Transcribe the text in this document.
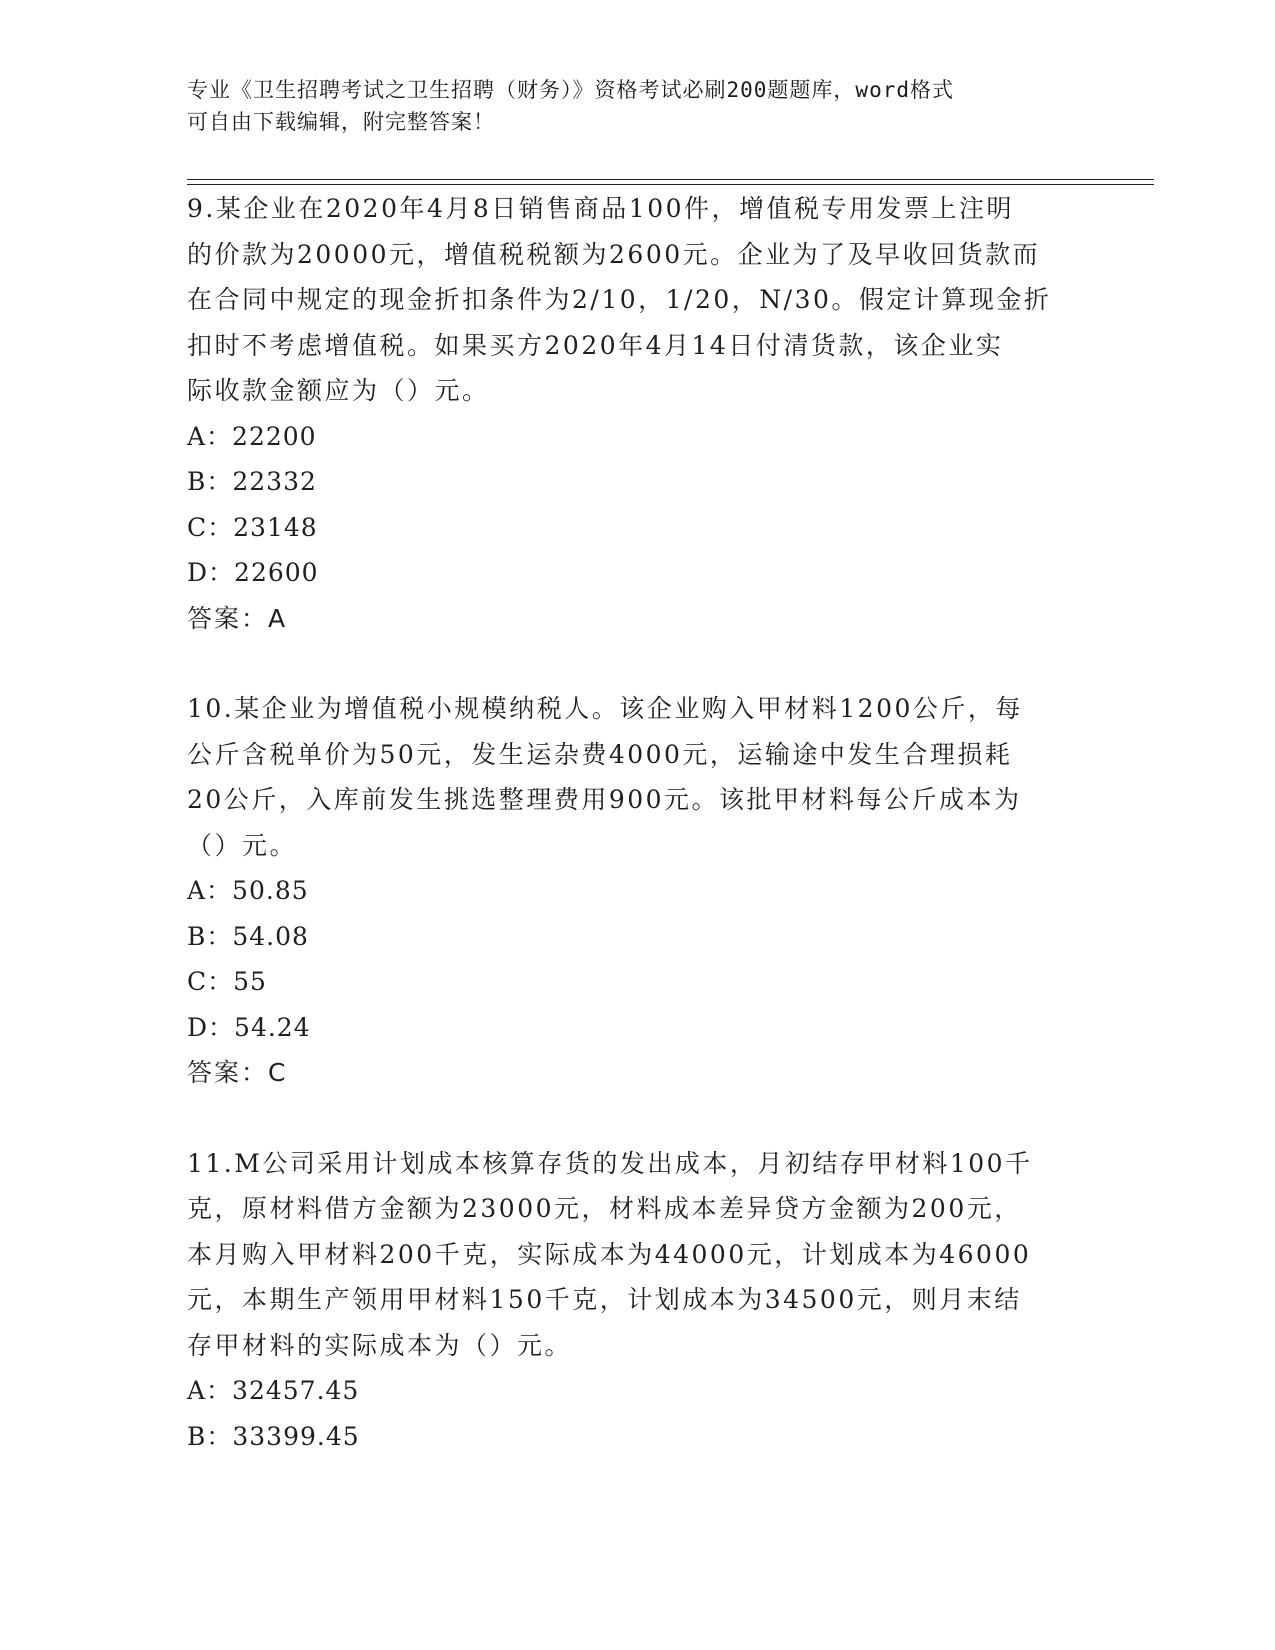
专业《卫生招聘考试之卫生招聘（财务）》资格考试必刷200题题库，word格式

可自由下载编辑，附完整答案！

9.某企业在2020年4月8日销售商品100件，增值税专用发票上注明

的价款为20000元，增值税税额为2600元。企业为了及早收回货款而

在合同中规定的现金折扣条件为2/10，1/20，N/30。假定计算现金折

扣时不考虑增值税。如果买方2020年4月14日付清货款，该企业实

际收款金额应为（）元。

A：22200

B：22332

C：23148

D：22600

答案：A

10.某企业为增值税小规模纳税人。该企业购入甲材料1200公斤，每

公斤含税单价为50元，发生运杂费4000元，运输途中发生合理损耗

20公斤，入库前发生挑选整理费用900元。该批甲材料每公斤成本为

（）元。

A：50.85

B：54.08

C：55

D：54.24

答案：C

11.M公司采用计划成本核算存货的发出成本，月初结存甲材料100千

克，原材料借方金额为23000元，材料成本差异贷方金额为200元，

本月购入甲材料200千克，实际成本为44000元，计划成本为46000

元，本期生产领用甲材料150千克，计划成本为34500元，则月末结

存甲材料的实际成本为（）元。

A：32457.45

B：33399.45
